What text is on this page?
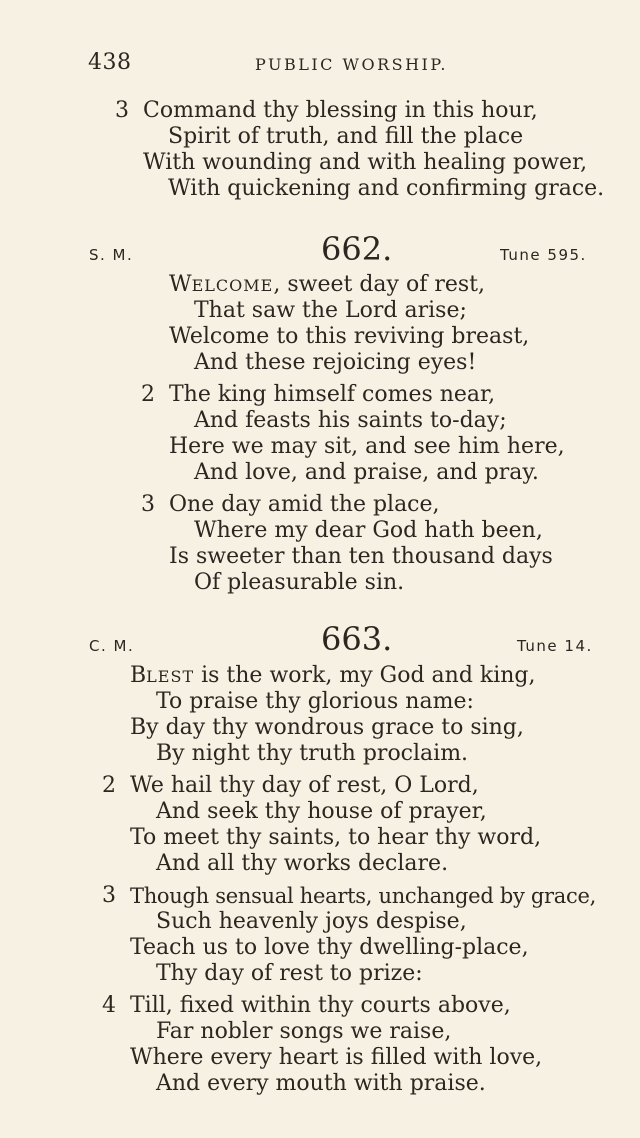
438	PUBLIC WORSHIP.
3 Command thy blessing in this hour,
Spirit of truth, and fill the place
With wounding and with healing power,
With quickening and confirming grace.
S. M.	662.	Tune 595.
WELCOME, sweet day of rest,
That saw the Lord arise;
Welcome to this reviving breast,
And these rejoicing eyes!
2 The king himself comes near,
And feasts his saints to-day;
Here we may sit, and see him here,
And love, and praise, and pray.
3 One day amid the place,
Where my dear God hath been,
Is sweeter than ten thousand days
Of pleasurable sin.
C. M.	663.	Tune 14.
BLEST is the work, my God and king,
To praise thy glorious name:
By day thy wondrous grace to sing,
By night thy truth proclaim.
2 We hail thy day of rest, O Lord,
And seek thy house of prayer,
To meet thy saints, to hear thy word,
And all thy works declare.
3 Though sensual hearts, unchanged by grace,
Such heavenly joys despise,
Teach us to love thy dwelling-place,
Thy day of rest to prize:
4 Till, fixed within thy courts above,
Far nobler songs we raise,
Where every heart is filled with love,
And every mouth with praise.
